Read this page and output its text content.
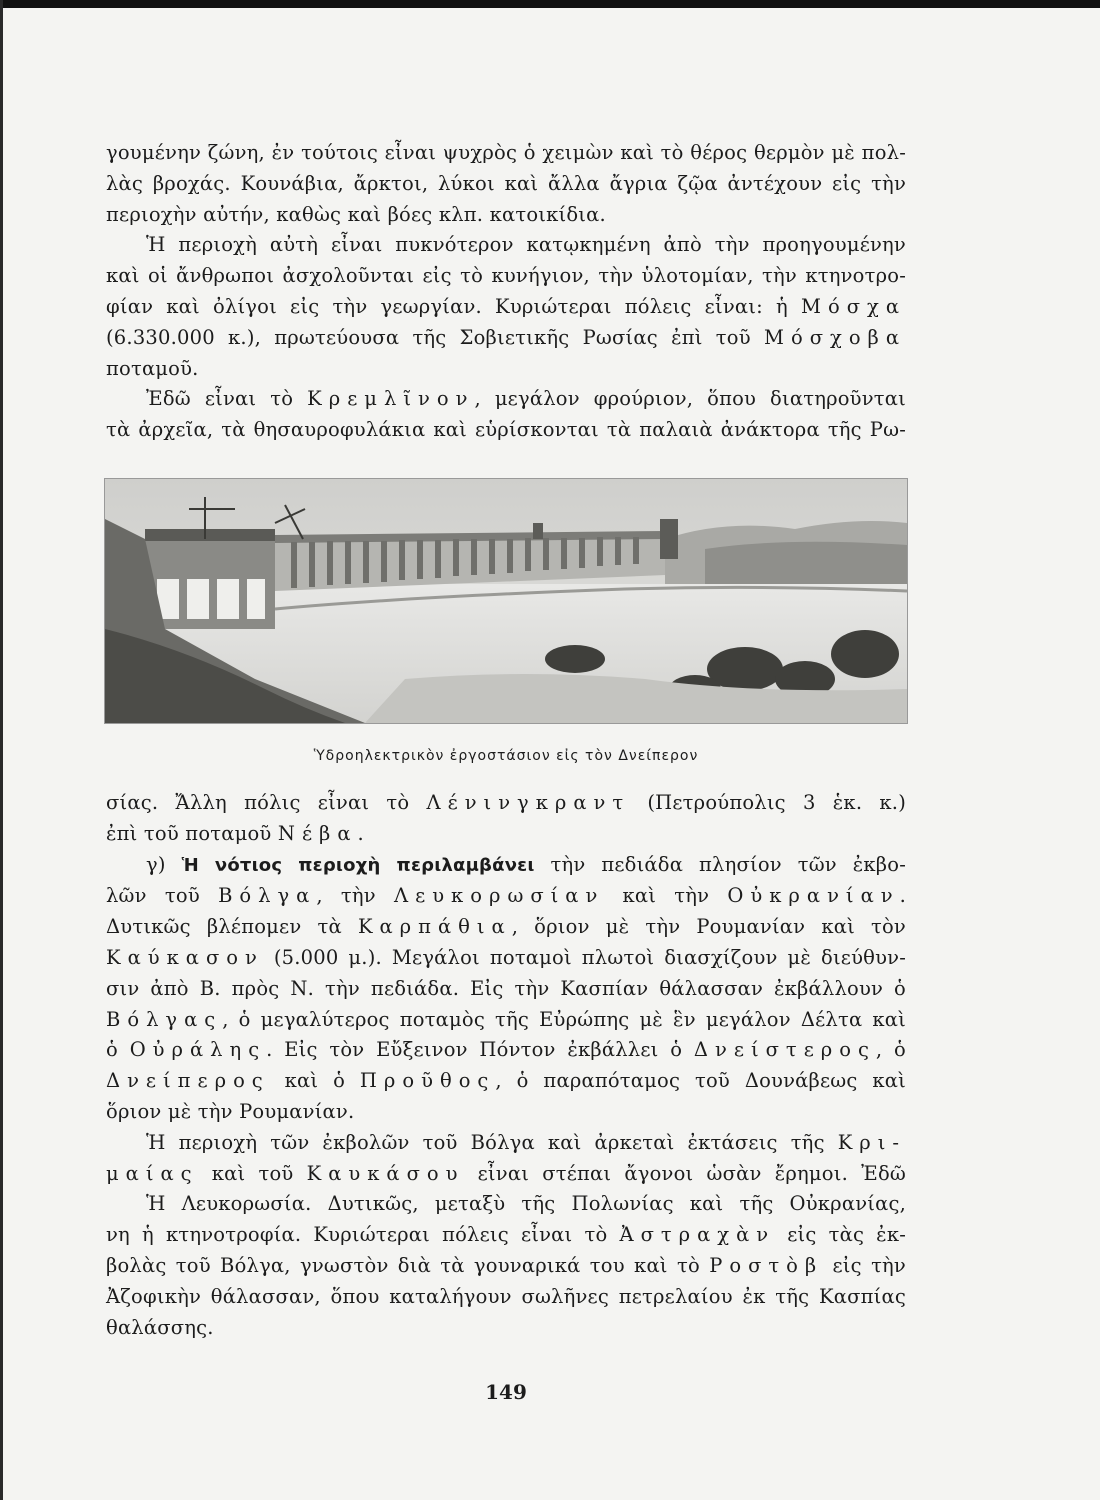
γουμένην ζώνη, ἐν τούτοις εἶναι ψυχρὸς ὁ χειμὼν καὶ τὸ θέρος θερμὸν μὲ πολ-

λὰς βροχάς. Κουνάβια, ἄρκτοι, λύκοι καὶ ἄλλα ἄγρια ζῷα ἀντέχουν εἰς τὴν

περιοχὴν αὐτήν, καθὼς καὶ βόες κλπ. κατοικίδια.

Ἡ περιοχὴ αὐτὴ εἶναι πυκνότερον κατῳκημένη ἀπὸ τὴν προηγουμένην

καὶ οἱ ἄνθρωποι ἀσχολοῦνται εἰς τὸ κυνήγιον, τὴν ὑλοτομίαν, τὴν κτηνοτρο-

φίαν καὶ ὀλίγοι εἰς τὴν γεωργίαν. Κυριώτεραι πόλεις εἶναι: ἡ Μόσχα

(6.330.000 κ.), πρωτεύουσα τῆς Σοβιετικῆς Ρωσίας ἐπὶ τοῦ Μόσχοβα

ποταμοῦ.

Ἐδῶ εἶναι τὸ Κρεμλῖνον, μεγάλον φρούριον, ὅπου διατηροῦνται

τὰ ἀρχεῖα, τὰ θησαυροφυλάκια καὶ εὑρίσκονται τὰ παλαιὰ ἀνάκτορα τῆς Ρω-

Ὑδροηλεκτρικὸν ἐργοστάσιον εἰς τὸν Δνείπερον

σίας. Ἄλλη πόλις εἶναι τὸ Λένινγκραντ (Πετρούπολις 3 ἑκ. κ.)

ἐπὶ τοῦ ποταμοῦ Νέβα.

γ) Ἡ νότιος περιοχὴ περιλαμβάνει τὴν πεδιάδα πλησίον τῶν ἐκβο-

λῶν τοῦ Βόλγα, τὴν Λευκορωσίαν καὶ τὴν Οὐκρανίαν.

Δυτικῶς βλέπομεν τὰ Καρπάθια, ὅριον μὲ τὴν Ρουμανίαν καὶ τὸν

Καύκασον (5.000 μ.). Μεγάλοι ποταμοὶ πλωτοὶ διασχίζουν μὲ διεύθυν-

σιν ἀπὸ Β. πρὸς Ν. τὴν πεδιάδα. Εἰς τὴν Κασπίαν θάλασσαν ἐκβάλλουν ὁ

Βόλγας, ὁ μεγαλύτερος ποταμὸς τῆς Εὐρώπης μὲ ἓν μεγάλον Δέλτα καὶ

ὁ Οὐράλης. Εἰς τὸν Εὔξεινον Πόντον ἐκβάλλει ὁ Δνείστερος, ὁ

Δνείπερος καὶ ὁ Προῦθος, ὁ παραπόταμος τοῦ Δουνάβεως καὶ

ὅριον μὲ τὴν Ρουμανίαν.

Ἡ περιοχὴ τῶν ἐκβολῶν τοῦ Βόλγα καὶ ἀρκεταὶ ἐκτάσεις τῆς Κρι-

μαίας καὶ τοῦ Καυκάσου εἶναι στέπαι ἄγονοι ὡσὰν ἔρημοι. Ἐδῶ

Ἡ Λευκορωσία. Δυτικῶς, μεταξὺ τῆς Πολωνίας καὶ τῆς Οὐκρανίας,

νη ἡ κτηνοτροφία. Κυριώτεραι πόλεις εἶναι τὸ Ἀστραχὰν εἰς τὰς ἐκ-

βολὰς τοῦ Βόλγα, γνωστὸν διὰ τὰ γουναρικά του καὶ τὸ Ροστὸβ εἰς τὴν

Ἀζοφικὴν θάλασσαν, ὅπου καταλήγουν σωλῆνες πετρελαίου ἐκ τῆς Κασπίας

θαλάσσης.

149
